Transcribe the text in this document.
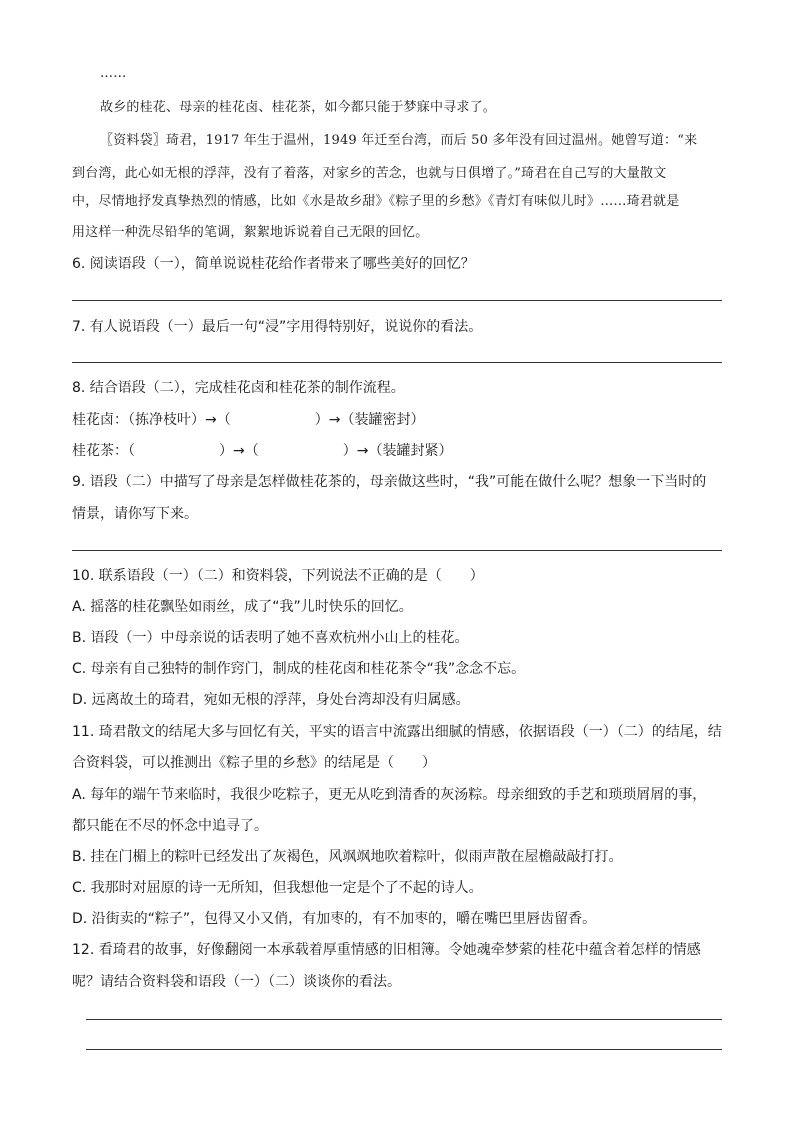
……
故乡的桂花、母亲的桂花卤、桂花茶，如今都只能于梦寐中寻求了。
〖资料袋〗琦君，1917 年生于温州，1949 年迁至台湾，而后 50 多年没有回过温州。她曾写道：“来
到台湾，此心如无根的浮萍，没有了着落，对家乡的苦念，也就与日俱增了。”琦君在自己写的大量散文
中，尽情地抒发真挚热烈的情感，比如《水是故乡甜》《粽子里的乡愁》《青灯有味似儿时》……琦君就是
用这样一种洗尽铅华的笔调，絮絮地诉说着自己无限的回忆。
6. 阅读语段（一），简单说说桂花给作者带来了哪些美好的回忆？
7. 有人说语段（一）最后一句“浸”字用得特别好，说说你的看法。
8. 结合语段（二），完成桂花卤和桂花茶的制作流程。
桂花卤：（拣净枝叶）→（　　　　　　）→（装罐密封）
桂花茶：（　　　　　　）→（　　　　　　）→（装罐封紧）
9. 语段（二）中描写了母亲是怎样做桂花茶的，母亲做这些时，“我”可能在做什么呢？想象一下当时的
情景，请你写下来。
10. 联系语段（一）（二）和资料袋，下列说法不正确的是（　　）
A. 摇落的桂花飘坠如雨丝，成了“我”儿时快乐的回忆。
B. 语段（一）中母亲说的话表明了她不喜欢杭州小山上的桂花。
C. 母亲有自己独特的制作窍门，制成的桂花卤和桂花茶令“我”念念不忘。
D. 远离故土的琦君，宛如无根的浮萍，身处台湾却没有归属感。
11. 琦君散文的结尾大多与回忆有关，平实的语言中流露出细腻的情感，依据语段（一）（二）的结尾，结
合资料袋，可以推测出《粽子里的乡愁》的结尾是（　　）
A. 每年的端午节来临时，我很少吃粽子，更无从吃到清香的灰汤粽。母亲细致的手艺和琐琐屑屑的事，
都只能在不尽的怀念中追寻了。
B. 挂在门楣上的粽叶已经发出了灰褐色，风飒飒地吹着粽叶，似雨声散在屋檐敲敲打打。
C. 我那时对屈原的诗一无所知，但我想他一定是个了不起的诗人。
D. 沿街卖的“粽子”，包得又小又俏，有加枣的，有不加枣的，嚼在嘴巴里唇齿留香。
12. 看琦君的故事，好像翻阅一本承载着厚重情感的旧相簿。令她魂牵梦萦的桂花中蕴含着怎样的情感
呢？请结合资料袋和语段（一）（二）谈谈你的看法。
